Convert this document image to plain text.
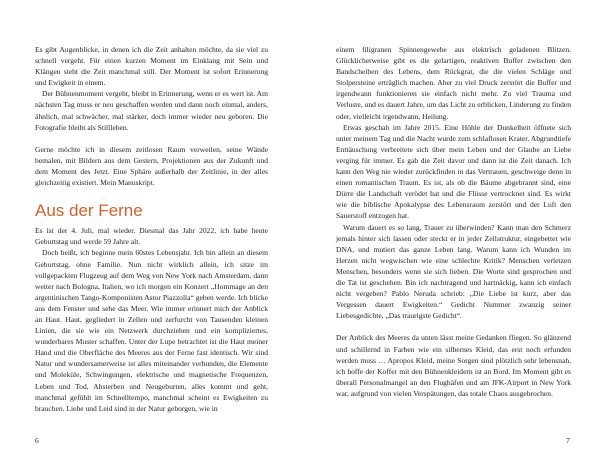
Es gibt Augenblicke, in denen ich die Zeit anhalten möchte, da sie viel zu schnell vergeht. Für einen kurzen Moment im Einklang mit Sein und Klängen steht die Zeit manchmal still. Der Moment ist sofort Erinnerung und Ewigkeit in einem.

Der Bühnenmoment vergeht, bleibt in Erinnerung, wenn er es wert ist. Am nächsten Tag muss er neu geschaffen werden und dann noch einmal, anders, ähnlich, mal schwächer, mal stärker, doch immer wieder neu geboren. Die Fotografie bleibt als Stillleben.

Gerne möchte ich in diesem zeitlosen Raum verweilen, seine Wände bemalen, mit Bildern aus dem Gestern, Projektionen aus der Zukunft und dem Moment des Jetzt. Eine Sphäre außerhalb der Zeitlinie, in der alles gleichzeitig existiert. Mein Manuskript.

Aus der Ferne

Es ist der 4. Juli, mal wieder. Diesmal das Jahr 2022, ich habe heute Geburtstag und werde 59 Jahre alt.

Doch heißt, ich beginne mein 60stes Lebensjahr. Ich bin allein an diesem Geburtstag, ohne Familie. Nun nicht wirklich allein, ich sitze im vollgepackten Flugzeug auf dem Weg von New York nach Amsterdam, dann weiter nach Bologna, Italien, wo ich morgen ein Konzert „Hommage an den argentinischen Tango-Komponisten Astor Piazzolla“ geben werde. Ich blicke aus dem Fenster und sehe das Meer. Wie immer erinnert mich der Anblick an Haut. Haut, gegliedert in Zellen und zerfurcht von Tausenden kleinen Linien, die sie wie ein Netzwerk durchziehen und ein kompliziertes, wunderbares Muster schaffen. Unter der Lupe betrachtet ist die Haut meiner Hand und die Oberfläche des Meeres aus der Ferne fast identisch. Wir sind Natur und wundersamerweise ist alles miteinander verbunden, die Elemente und Moleküle, Schwingungen, elektrische und magnetische Frequenzen, Leben und Tod, Absterben und Neugeburten, alles kommt und geht, manchmal gefühlt im Schnelltempo, manchmal scheint es Ewigkeiten zu brauchen. Liebe und Leid sind in der Natur geborgen, wie in

einem filigranen Spinnengewebe aus elektrisch geladenen Blitzen. Glücklicherweise gibt es die gelartigen, reaktiven Buffer zwischen den Bandscheiben des Lebens, dem Rückgrat, die die vielen Schläge und Stolpersteine erträglich machen. Aber zu viel Druck zerstört die Buffer und irgendwann funktionieren sie einfach nicht mehr. Zu viel Trauma und Verluste, und es dauert Jahre, um das Licht zu erblicken, Linderung zu finden oder, vielleicht irgendwann, Heilung.

Etwas geschah im Jahre 2015. Eine Höhle der Dunkelheit öffnete sich unter meinem Tag und die Nacht wurde zum schlaflosen Krater. Abgrundtiefe Enttäuschung verbreitete sich über mein Leben und der Glaube an Liebe verging für immer. Es gab die Zeit davor und dann ist die Zeit danach. Ich kann den Weg nie wieder zurückfinden in das Vertrauen, geschweige denn in einen romantischen Traum. Es ist, als ob die Bäume abgebrannt sind, eine Dürre die Landschaft verödet hat und die Flüsse vertrocknet sind. Es wirkt wie die biblische Apokalypse des Lebensraum zerstört und der Luft den Sauerstoff entzogen hat.

Warum dauert es so lang, Trauer zu überwinden? Kann man den Schmerz jemals hinter sich lassen oder steckt er in jeder Zellstruktur, eingebettet wie DNA, und mutiert das ganze Leben lang. Warum kann ich Wunden im Herzen nicht wegwischen wie eine schlechte Kritik? Menschen verletzen Menschen, besonders wenn sie sich lieben. Die Worte sind gesprochen und die Tat ist geschehen. Bin ich nachtragend und hartnäckig, kann ich einfach nicht vergeben? Pablo Neruda schrieb: „Die Liebe ist kurz, aber das Vergessen dauert Ewigkeiten.“ Gedicht Nummer zwanzig seiner Liebesgedichte, „Das traurigste Gedicht“.

Der Anblick des Meeres da unten lässt meine Gedanken fliegen. So glänzend und schillernd in Farben wie ein silbernes Kleid, das erst noch erfunden werden muss … Apropos Kleid, meine Sorgen sind plötzlich sehr lebensnah, ich hoffe der Koffer mit den Bühnenkleidern ist an Bord. Im Moment gibt es überall Personalmangel an den Flughäfen und am JFK-Airport in New York war, aufgrund von vielen Verspätungen, das totale Chaos ausgebrochen.

6	7
